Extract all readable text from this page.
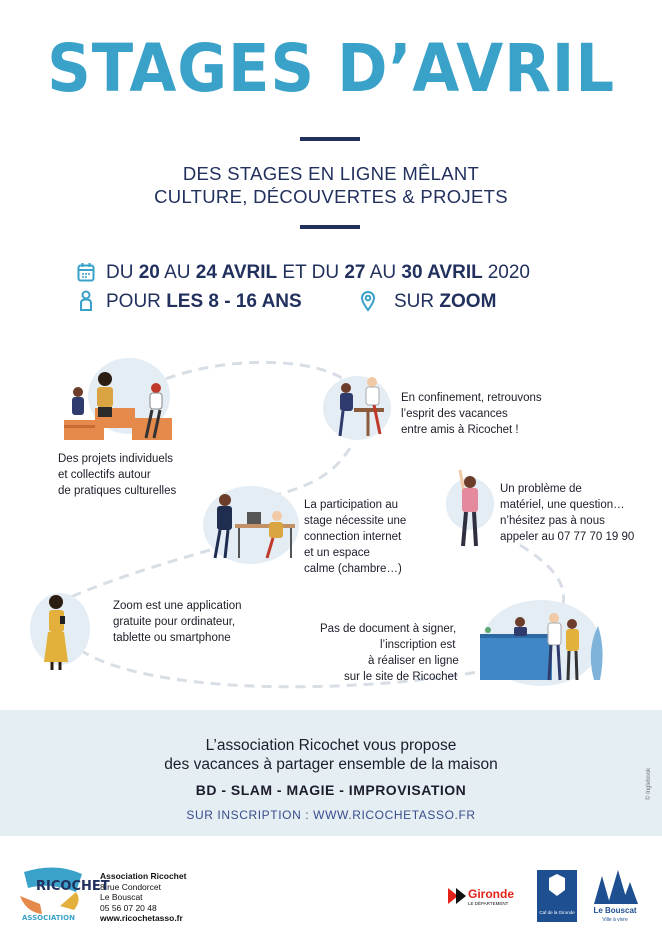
STAGES D’AVRIL
DES STAGES EN LIGNE MÊLANT
CULTURE, DÉCOUVERTES & PROJETS
DU 20 AU 24 AVRIL ET DU 27 AU 30 AVRIL 2020
POUR LES 8 - 16 ANS	SUR ZOOM
Des projets individuels
et collectifs autour
de pratiques culturelles
En confinement, retrouvons
l’esprit des vacances
entre amis à Ricochet !
La participation au
stage nécessite une
connection internet
et un espace
calme (chambre…)
Un problème de
matériel, une question…
n’hésitez pas à nous
appeler au 07 77 70 19 90
Zoom est une application
gratuite pour ordinateur,
tablette ou smartphone
Pas de document à signer,
l’inscription est
à réaliser en ligne
sur le site de Ricochet
L’association Ricochet vous propose
des vacances à partager ensemble de la maison
BD - SLAM - MAGIE - IMPROVISATION
SUR INSCRIPTION : WWW.RICOCHETASSO.FR
© Inglebook
RICOCHET
ASSOCIATION
Association Ricochet
8 rue Condorcet
Le Bouscat
05 56 07 20 48
www.ricochetasso.fr
Gironde
LE DÉPARTEMENT
Caf de la Gironde Le Bouscat
Ville à vivre
